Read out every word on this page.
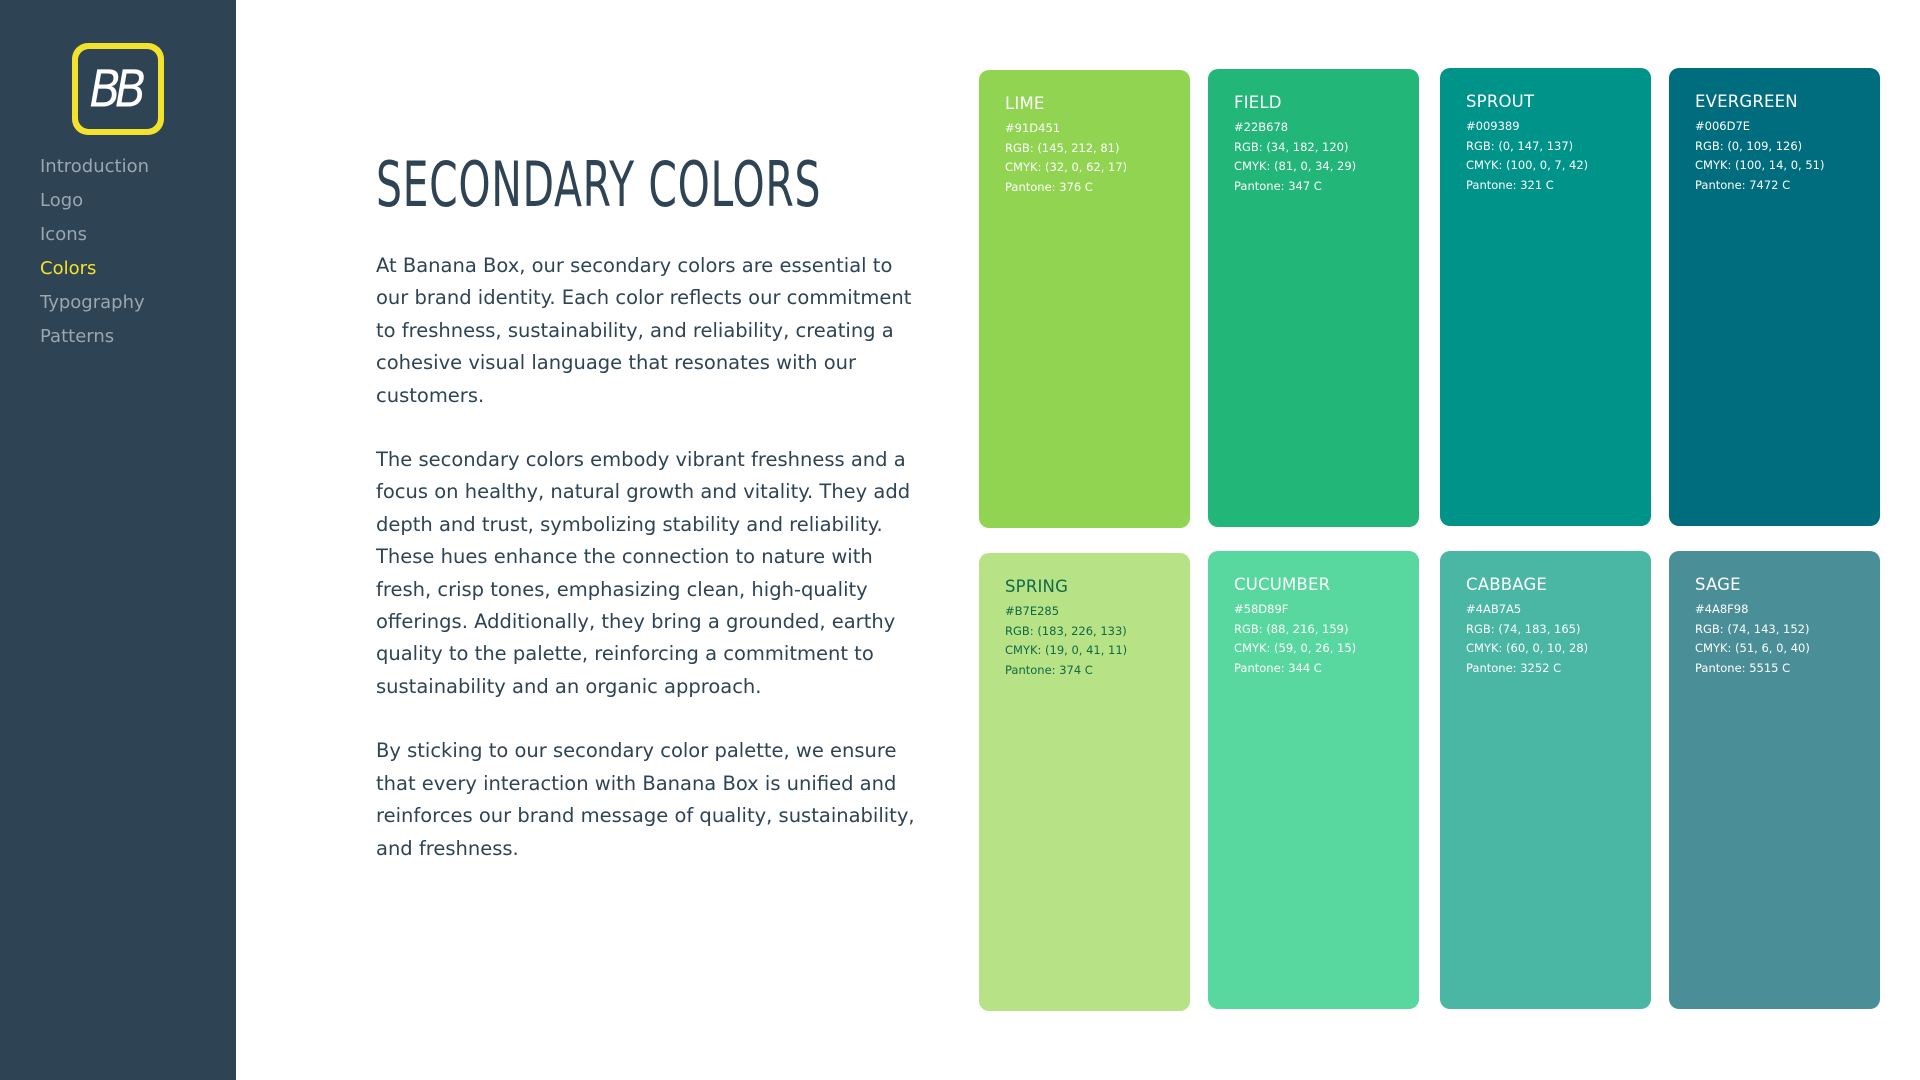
BB
Introduction
Logo
Icons
Colors
Typography
Patterns
SECONDARY COLORS

At Banana Box, our secondary colors are essential to our brand identity. Each color reflects our commitment to freshness, sustainability, and reliability, creating a cohesive visual language that resonates with our customers.

The secondary colors embody vibrant freshness and a focus on healthy, natural growth and vitality. They add depth and trust, symbolizing stability and reliability. These hues enhance the connection to nature with fresh, crisp tones, emphasizing clean, high-quality offerings. Additionally, they bring a grounded, earthy quality to the palette, reinforcing a commitment to sustainability and an organic approach.

By sticking to our secondary color palette, we ensure that every interaction with Banana Box is unified and reinforces our brand message of quality, sustainability, and freshness.

LIME
#91D451
RGB: (145, 212, 81)
CMYK: (32, 0, 62, 17)
Pantone: 376 C
FIELD
#22B678
RGB: (34, 182, 120)
CMYK: (81, 0, 34, 29)
Pantone: 347 C
SPROUT
#009389
RGB: (0, 147, 137)
CMYK: (100, 0, 7, 42)
Pantone: 321 C
EVERGREEN
#006D7E
RGB: (0, 109, 126)
CMYK: (100, 14, 0, 51)
Pantone: 7472 C
SPRING
#B7E285
RGB: (183, 226, 133)
CMYK: (19, 0, 41, 11)
Pantone: 374 C
CUCUMBER
#58D89F
RGB: (88, 216, 159)
CMYK: (59, 0, 26, 15)
Pantone: 344 C
CABBAGE
#4AB7A5
RGB: (74, 183, 165)
CMYK: (60, 0, 10, 28)
Pantone: 3252 C
SAGE
#4A8F98
RGB: (74, 143, 152)
CMYK: (51, 6, 0, 40)
Pantone: 5515 C
